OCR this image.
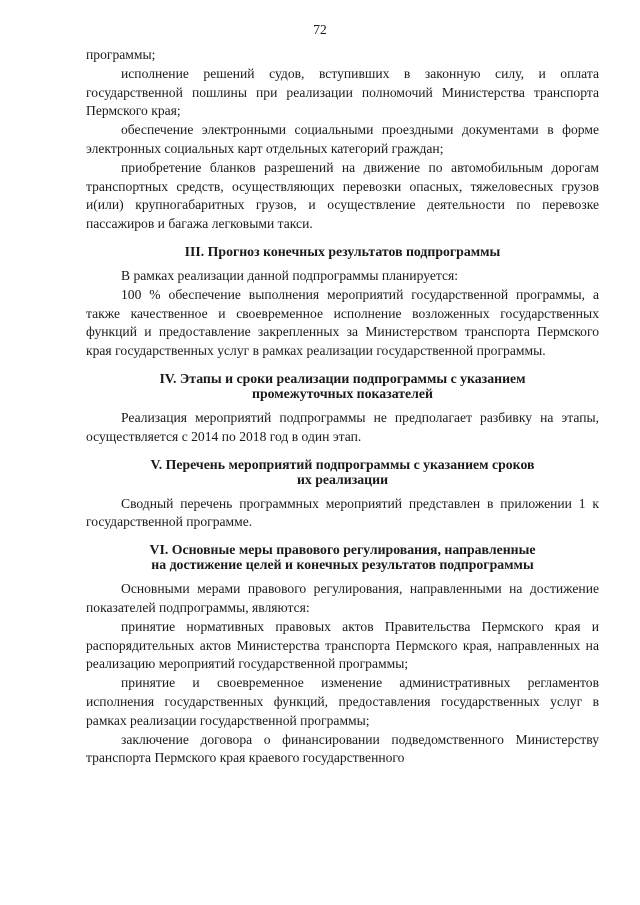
72

программы;

исполнение решений судов, вступивших в законную силу, и оплата государственной пошлины при реализации полномочий Министерства транспорта Пермского края;

обеспечение электронными социальными проездными документами в форме электронных социальных карт отдельных категорий граждан;

приобретение бланков разрешений на движение по автомобильным дорогам транспортных средств, осуществляющих перевозки опасных, тяжеловесных грузов и(или) крупногабаритных грузов, и осуществление деятельности по перевозке пассажиров и багажа легковыми такси.

III. Прогноз конечных результатов подпрограммы

В рамках реализации данной подпрограммы планируется:

100 % обеспечение выполнения мероприятий государственной программы, а также качественное и своевременное исполнение возложенных государственных функций и предоставление закрепленных за Министерством транспорта Пермского края государственных услуг в рамках реализации государственной программы.

IV. Этапы и сроки реализации подпрограммы с указанием
промежуточных показателей

Реализация мероприятий подпрограммы не предполагает разбивку на этапы, осуществляется с 2014 по 2018 год в один этап.

V. Перечень мероприятий подпрограммы с указанием сроков
их реализации

Сводный перечень программных мероприятий представлен в приложении 1 к государственной программе.

VI. Основные меры правового регулирования, направленные
на достижение целей и конечных результатов подпрограммы

Основными мерами правового регулирования, направленными на достижение показателей подпрограммы, являются:

принятие нормативных правовых актов Правительства Пермского края и распорядительных актов Министерства транспорта Пермского края, направленных на реализацию мероприятий государственной программы;

принятие и своевременное изменение административных регламентов исполнения государственных функций, предоставления государственных услуг в рамках реализации государственной программы;

заключение договора о финансировании подведомственного Министерству транспорта Пермского края краевого государственного
